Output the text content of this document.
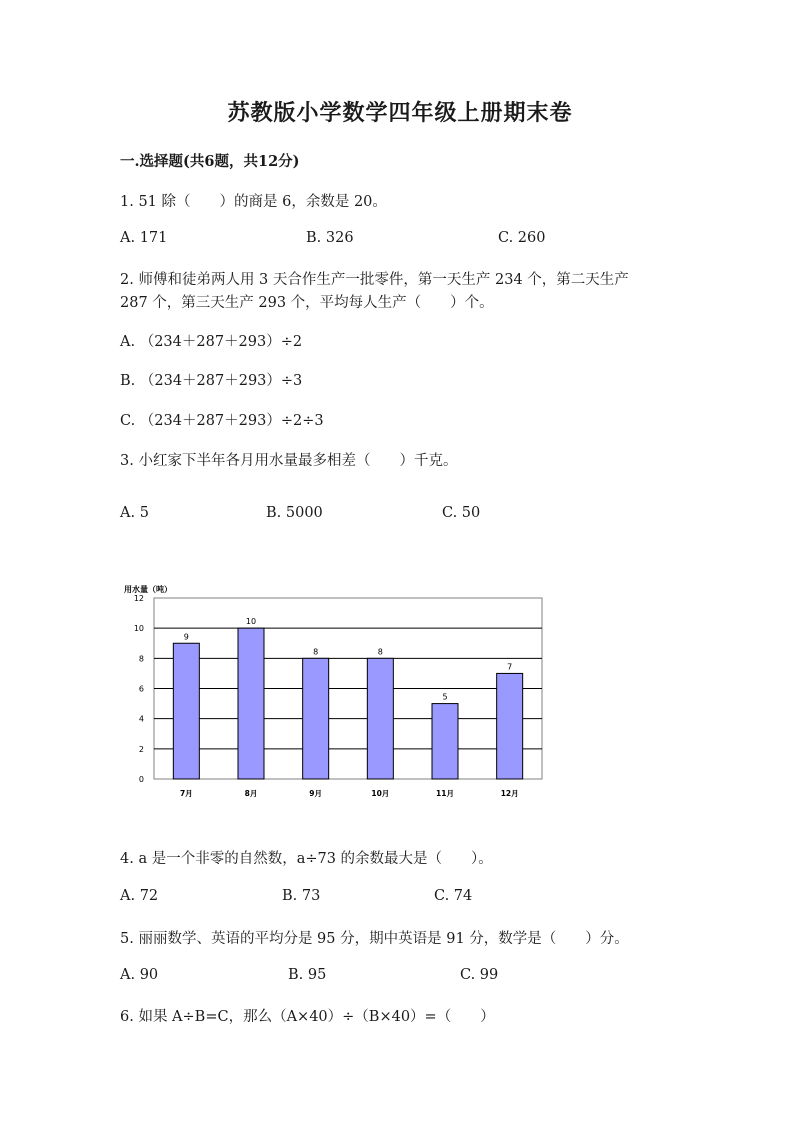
苏教版小学数学四年级上册期末卷
一.选择题(共6题，共12分)
1. 51 除（　　）的商是 6，余数是 20。
A. 171	B. 326	C. 260
2. 师傅和徒弟两人用 3 天合作生产一批零件，第一天生产 234 个，第二天生产
287 个，第三天生产 293 个，平均每人生产（　　）个。
A. （234＋287＋293）÷2
B. （234＋287＋293）÷3
C. （234＋287＋293）÷2÷3
3. 小红家下半年各月用水量最多相差（　　）千克。
A. 5	B. 5000	C. 50
用水量（吨）
0
2
4
6
8
10
12
9
7月
10
8月
8
9月
8
10月
5
11月
7
12月
4. a 是一个非零的自然数，a÷73 的余数最大是（　　）。
A. 72	B. 73	C. 74
5. 丽丽数学、英语的平均分是 95 分，期中英语是 91 分，数学是（　　）分。
A. 90	B. 95	C. 99
6. 如果 A÷B=C，那么（A×40）÷（B×40）=（　　）
